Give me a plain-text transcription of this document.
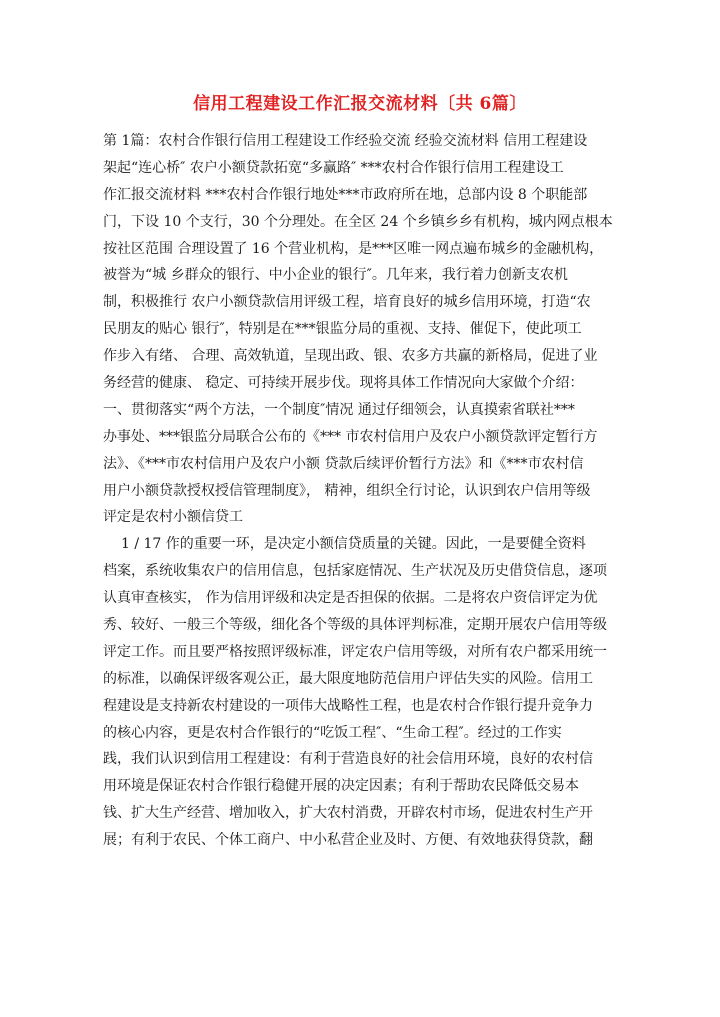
信用工程建设工作汇报交流材料〔共 6篇〕
第 1篇：农村合作银行信用工程建设工作经验交流 经验交流材料 信用工程建设
架起“连心桥″ 农户小额贷款拓宽“多赢路″ ***农村合作银行信用工程建设工
作汇报交流材料 ***农村合作银行地处***市政府所在地，总部内设 8 个职能部
门，下设 10 个支行，30 个分理处。在全区 24 个乡镇乡乡有机构，城内网点根本
按社区范围 合理设置了 16 个营业机构，是***区唯一网点遍布城乡的金融机构，
被誉为“城 乡群众的银行、中小企业的银行″。几年来，我行着力创新支农机
制，积极推行 农户小额贷款信用评级工程，培育良好的城乡信用环境，打造“农
民朋友的贴心 银行″，特别是在***银监分局的重视、支持、催促下，使此项工
作步入有绪、 合理、高效轨道，呈现出政、银、农多方共赢的新格局，促进了业
务经营的健康、 稳定、可持续开展步伐。现将具体工作情况向大家做个介绍：
一、贯彻落实“两个方法，一个制度″情况 通过仔细领会，认真摸索省联社***
办事处、***银监分局联合公布的《*** 市农村信用户及农户小额贷款评定暂行方
法》、《***市农村信用户及农户小额 贷款后续评价暂行方法》和《***市农村信
用户小额贷款授权授信管理制度》， 精神，组织全行讨论，认识到农户信用等级
评定是农村小额信贷工
1 / 17 作的重要一环，是决定小额信贷质量的关键。因此，一是要健全资料
档案，系统收集农户的信用信息，包括家庭情况、生产状况及历史借贷信息，逐项
认真审查核实， 作为信用评级和决定是否担保的依据。二是将农户资信评定为优
秀、较好、一般三个等级，细化各个等级的具体评判标准，定期开展农户信用等级
评定工作。而且要严格按照评级标准，评定农户信用等级，对所有农户都采用统一
的标准，以确保评级客观公正，最大限度地防范信用户评估失实的风险。信用工
程建设是支持新农村建设的一项伟大战略性工程，也是农村合作银行提升竞争力
的核心内容，更是农村合作银行的“吃饭工程″、“生命工程″。经过的工作实
践，我们认识到信用工程建设：有利于营造良好的社会信用环境，良好的农村信
用环境是保证农村合作银行稳健开展的决定因素；有利于帮助农民降低交易本
钱、扩大生产经营、增加收入，扩大农村消费，开辟农村市场，促进农村生产开
展；有利于农民、个体工商户、中小私营企业及时、方便、有效地获得贷款，翻
